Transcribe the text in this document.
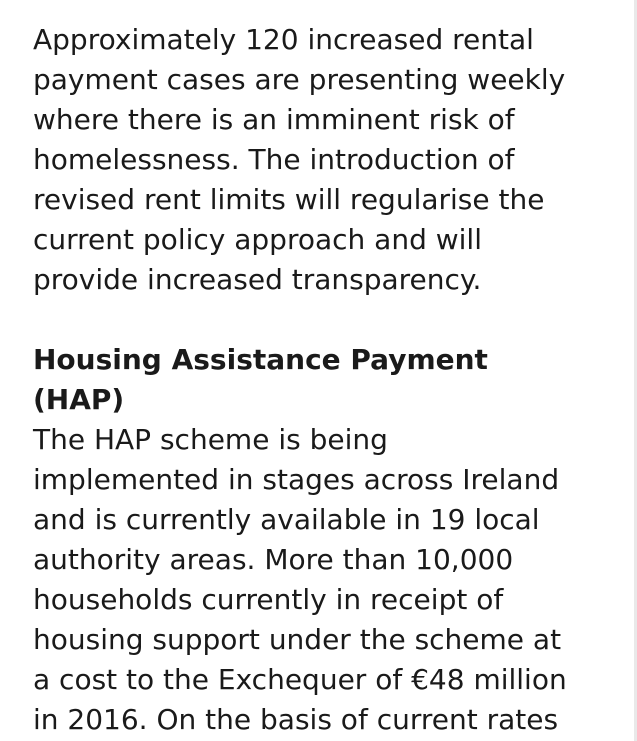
Approximately 120 increased rental
payment cases are presenting weekly
where there is an imminent risk of
homelessness. The introduction of
revised rent limits will regularise the
current policy approach and will
provide increased transparency.

Housing Assistance Payment
(HAP)

The HAP scheme is being
implemented in stages across Ireland
and is currently available in 19 local
authority areas. More than 10,000
households currently in receipt of
housing support under the scheme at
a cost to the Exchequer of €48 million
in 2016. On the basis of current rates
